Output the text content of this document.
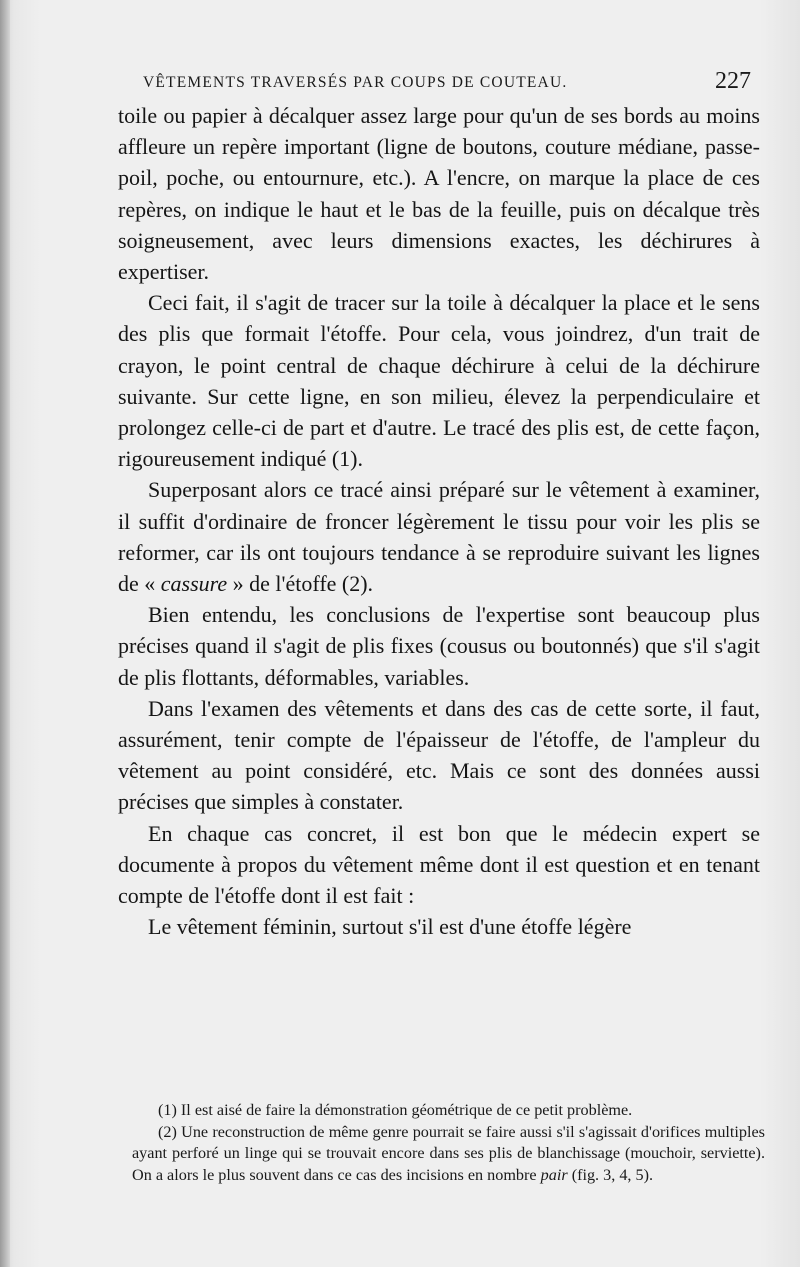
VÊTEMENTS TRAVERSÉS PAR COUPS DE COUTEAU.	227

toile ou papier à décalquer assez large pour qu'un de ses bords au moins affleure un repère important (ligne de boutons, couture médiane, passe-poil, poche, ou entournure, etc.). A l'encre, on marque la place de ces repères, on indique le haut et le bas de la feuille, puis on décalque très soigneusement, avec leurs dimensions exactes, les déchirures à expertiser.

Ceci fait, il s'agit de tracer sur la toile à décalquer la place et le sens des plis que formait l'étoffe. Pour cela, vous joindrez, d'un trait de crayon, le point central de chaque déchirure à celui de la déchirure suivante. Sur cette ligne, en son milieu, élevez la perpendiculaire et prolongez celle-ci de part et d'autre. Le tracé des plis est, de cette façon, rigoureusement indiqué (1).

Superposant alors ce tracé ainsi préparé sur le vêtement à examiner, il suffit d'ordinaire de froncer légèrement le tissu pour voir les plis se reformer, car ils ont toujours tendance à se reproduire suivant les lignes de « cassure » de l'étoffe (2).

Bien entendu, les conclusions de l'expertise sont beaucoup plus précises quand il s'agit de plis fixes (cousus ou boutonnés) que s'il s'agit de plis flottants, déformables, variables.

Dans l'examen des vêtements et dans des cas de cette sorte, il faut, assurément, tenir compte de l'épaisseur de l'étoffe, de l'ampleur du vêtement au point considéré, etc. Mais ce sont des données aussi précises que simples à constater.

En chaque cas concret, il est bon que le médecin expert se documente à propos du vêtement même dont il est question et en tenant compte de l'étoffe dont il est fait :

Le vêtement féminin, surtout s'il est d'une étoffe légère

(1) Il est aisé de faire la démonstration géométrique de ce petit problème.

(2) Une reconstruction de même genre pourrait se faire aussi s'il s'agissait d'orifices multiples ayant perforé un linge qui se trouvait encore dans ses plis de blanchissage (mouchoir, serviette). On a alors le plus souvent dans ce cas des incisions en nombre pair (fig. 3, 4, 5).
